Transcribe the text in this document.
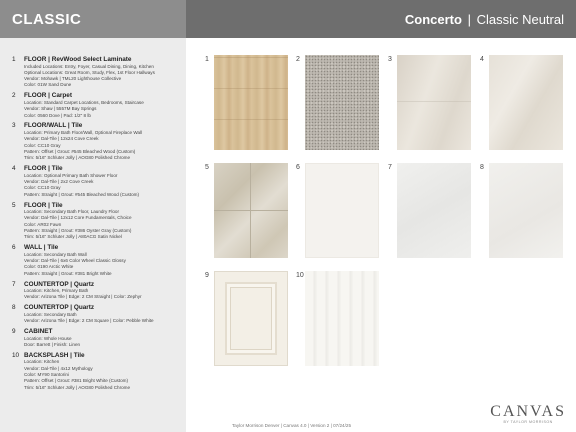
CLASSIC	Concerto | Classic Neutral
1 FLOOR | RevWood Select Laminate
Included Locations: Entry, Foyer, Casual Dining, Dining, Kitchen
Optional Locations: Great Room, Study, Flex, 1st Floor Hallways
Vendor: Mohawk | TML20 Lighthouse Collective
Color: 01W Sand Dune
2 FLOOR | Carpet
Location: Standard Carpet Locations, Bedrooms, Staircase
Vendor: Shaw | 5557M Bay Springs
Color: 0560 Dove | Pad: 1/2" 8 lb
3 FLOOR/WALL | Tile
Location: Primary Bath Floor/Wall, Optional Fireplace Wall
Vendor: Dal-Tile | 12x24 Cove Creek
Color: CC10 Gray
Pattern: Offset | Grout: #545 Bleached Wood (Custom)
Trim: 5/16" Schluter Jolly | AOG80 Polished Chrome
4 FLOOR | Tile
Location: Optional Primary Bath Shower Floor
Vendor: Dal-Tile | 2x2 Cove Creek
Color: CC10 Gray
Pattern: Straight | Grout: #545 Bleached Wood (Custom)
5 FLOOR | Tile
Location: Secondary Bath Floor, Laundry Floor
Vendor: Dal-Tile | 12x12 Core Fundamentals, Choice
Color: AR02 Fawn
Pattern: Straight | Grout: #386 Oyster Gray (Custom)
Trim: 5/16" Schluter Jolly | A80ACG Satin Nickel
6 WALL | Tile
Location: Secondary Bath Wall
Vendor: Dal-Tile | 6x6 Color Wheel Classic Glossy
Color: 0190 Arctic White
Pattern: Straight | Grout: #381 Bright White
7 COUNTERTOP | Quartz
Location: Kitchen, Primary Bath
Vendor: Arizona Tile | Edge: 2 CM Straight | Color: Zephyr
8 COUNTERTOP | Quartz
Location: Secondary Bath
Vendor: Arizona Tile | Edge: 2 CM Square | Color: Pebble White
9 CABINET
Location: Whole House
Door: Barrett | Finish: Linen
10 BACKSPLASH | Tile
Location: Kitchen
Vendor: Dal-Tile | 4x12 Mythology
Color: MY90 Santorini
Pattern: Offset | Grout: #381 Bright White (Custom)
Trim: 5/16" Schluter Jolly | AOG80 Polished Chrome
1	2	3	4
5	6	7	8
9	10
Taylor Morrison Denver | Canvas 4.0 | Version 2 | 07/24/25
CANVAS
BY TAYLOR MORRISON
